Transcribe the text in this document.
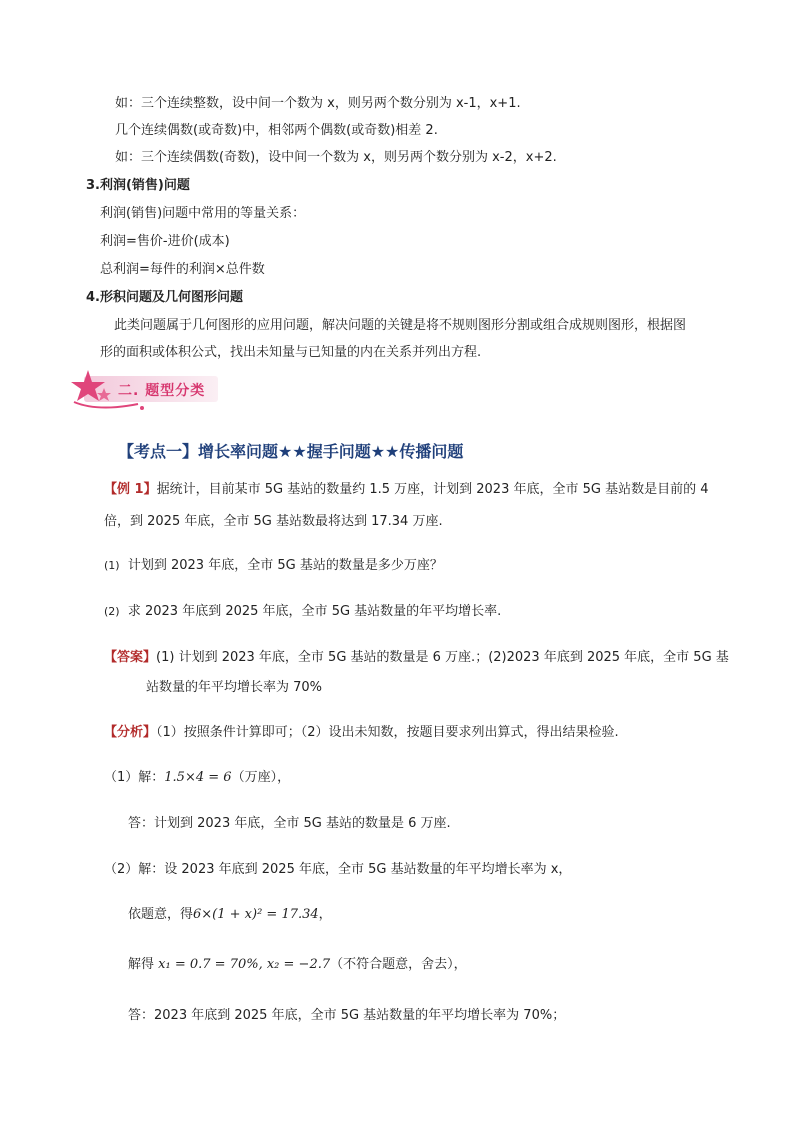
如：三个连续整数，设中间一个数为 x，则另两个数分别为 x-1，x+1.
几个连续偶数(或奇数)中，相邻两个偶数(或奇数)相差 2.
如：三个连续偶数(奇数)，设中间一个数为 x，则另两个数分别为 x-2，x+2.
3.利润(销售)问题
利润(销售)问题中常用的等量关系：
利润=售价-进价(成本)
总利润=每件的利润×总件数
4.形积问题及几何图形问题
此类问题属于几何图形的应用问题，解决问题的关键是将不规则图形分割或组合成规则图形，根据图
形的面积或体积公式，找出未知量与已知量的内在关系并列出方程.
二. 题型分类
【考点一】增长率问题★★握手问题★★传播问题
【例 1】据统计，目前某市 5G 基站的数量约 1.5 万座，计划到 2023 年底，全市 5G 基站数是目前的 4
倍，到 2025 年底，全市 5G 基站数最将达到 17.34 万座.
(1) 计划到 2023 年底，全市 5G 基站的数量是多少万座？
(2) 求 2023 年底到 2025 年底，全市 5G 基站数量的年平均增长率.
【答案】(1) 计划到 2023 年底，全市 5G 基站的数量是 6 万座.；(2)2023 年底到 2025 年底，全市 5G 基
站数量的年平均增长率为 70%
【分析】（1）按照条件计算即可；（2）设出未知数，按题目要求列出算式，得出结果检验.
（1）解：1.5×4 = 6（万座），
答：计划到 2023 年底，全市 5G 基站的数量是 6 万座.
（2）解：设 2023 年底到 2025 年底，全市 5G 基站数量的年平均增长率为 x，
依题意，得6×(1 + x)² = 17.34，
解得 x₁ = 0.7 = 70%, x₂ = −2.7（不符合题意，舍去），
答：2023 年底到 2025 年底，全市 5G 基站数量的年平均增长率为 70%；
